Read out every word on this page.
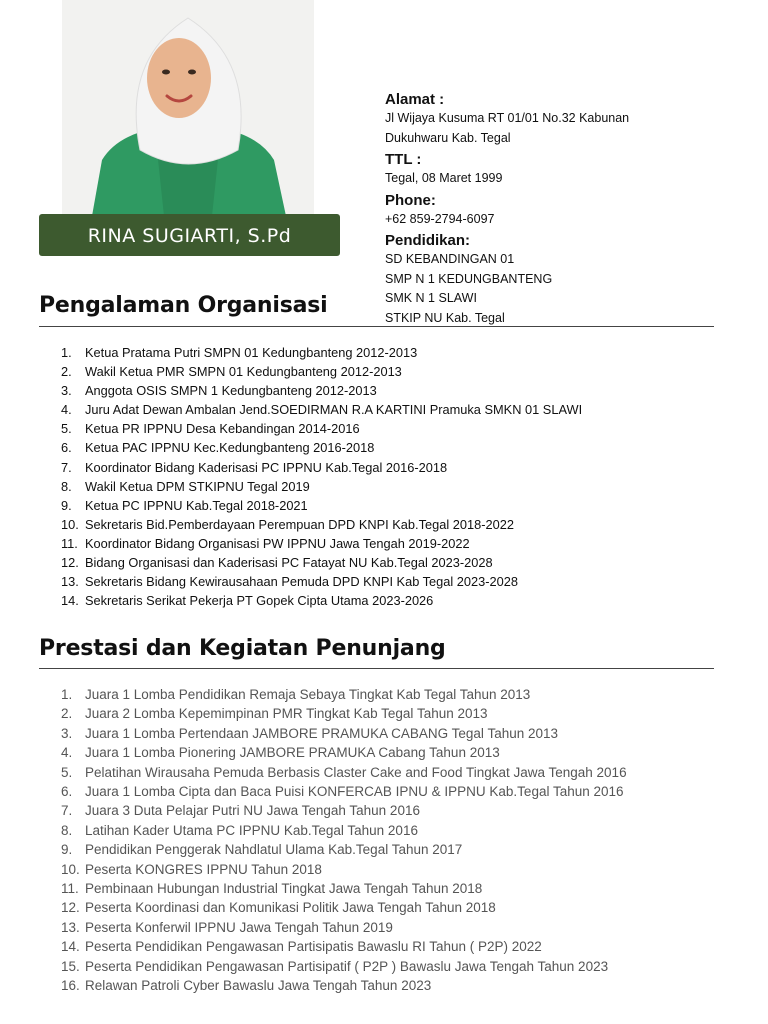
RINA SUGIARTI, S.Pd
Alamat :
Jl Wijaya Kusuma RT 01/01 No.32 Kabunan
Dukuhwaru Kab. Tegal
TTL :
Tegal, 08 Maret 1999
Phone:
+62 859-2794-6097
Pendidikan:
SD KEBANDINGAN 01
SMP N 1 KEDUNGBANTENG
SMK N 1 SLAWI
STKIP NU Kab. Tegal
Pengalaman Organisasi
1.	Ketua Pratama Putri SMPN 01 Kedungbanteng 2012-2013
2.	Wakil Ketua PMR SMPN 01 Kedungbanteng 2012-2013
3.	Anggota OSIS SMPN 1 Kedungbanteng 2012-2013
4.	Juru Adat Dewan Ambalan Jend.SOEDIRMAN R.A KARTINI Pramuka SMKN 01 SLAWI
5.	Ketua PR IPPNU Desa Kebandingan 2014-2016
6.	Ketua PAC IPPNU Kec.Kedungbanteng 2016-2018
7.	Koordinator Bidang Kaderisasi PC IPPNU Kab.Tegal 2016-2018
8.	Wakil Ketua DPM STKIPNU Tegal 2019
9.	Ketua PC IPPNU Kab.Tegal 2018-2021
10. Sekretaris Bid.Pemberdayaan Perempuan DPD KNPI Kab.Tegal 2018-2022
11. Koordinator Bidang Organisasi PW IPPNU Jawa Tengah 2019-2022
12. Bidang Organisasi dan Kaderisasi PC Fatayat NU Kab.Tegal 2023-2028
13. Sekretaris Bidang Kewirausahaan Pemuda DPD KNPI Kab Tegal 2023-2028
14. Sekretaris Serikat Pekerja PT Gopek Cipta Utama 2023-2026
Prestasi dan Kegiatan Penunjang
1. Juara 1 Lomba Pendidikan Remaja Sebaya Tingkat Kab Tegal Tahun 2013
2. Juara 2 Lomba Kepemimpinan PMR Tingkat Kab Tegal Tahun 2013
3. Juara 1 Lomba Pertendaan JAMBORE PRAMUKA CABANG Tegal Tahun 2013
4. Juara 1 Lomba Pionering JAMBORE PRAMUKA Cabang Tahun 2013
5. Pelatihan Wirausaha Pemuda Berbasis Claster Cake and Food Tingkat Jawa Tengah 2016
6. Juara 1 Lomba Cipta dan Baca Puisi KONFERCAB IPNU & IPPNU Kab.Tegal Tahun 2016
7. Juara 3 Duta Pelajar Putri NU Jawa Tengah Tahun 2016
8. Latihan Kader Utama PC IPPNU Kab.Tegal Tahun 2016
9. Pendidikan Penggerak Nahdlatul Ulama Kab.Tegal Tahun 2017
10. Peserta KONGRES IPPNU Tahun 2018
11. Pembinaan Hubungan Industrial Tingkat Jawa Tengah Tahun 2018
12. Peserta Koordinasi dan Komunikasi Politik Jawa Tengah Tahun 2018
13. Peserta Konferwil IPPNU Jawa Tengah Tahun 2019
14. Peserta Pendidikan Pengawasan Partisipatis Bawaslu RI Tahun ( P2P) 2022
15. Peserta Pendidikan Pengawasan Partisipatif ( P2P ) Bawaslu Jawa Tengah Tahun 2023
16. Relawan Patroli Cyber Bawaslu Jawa Tengah Tahun 2023
